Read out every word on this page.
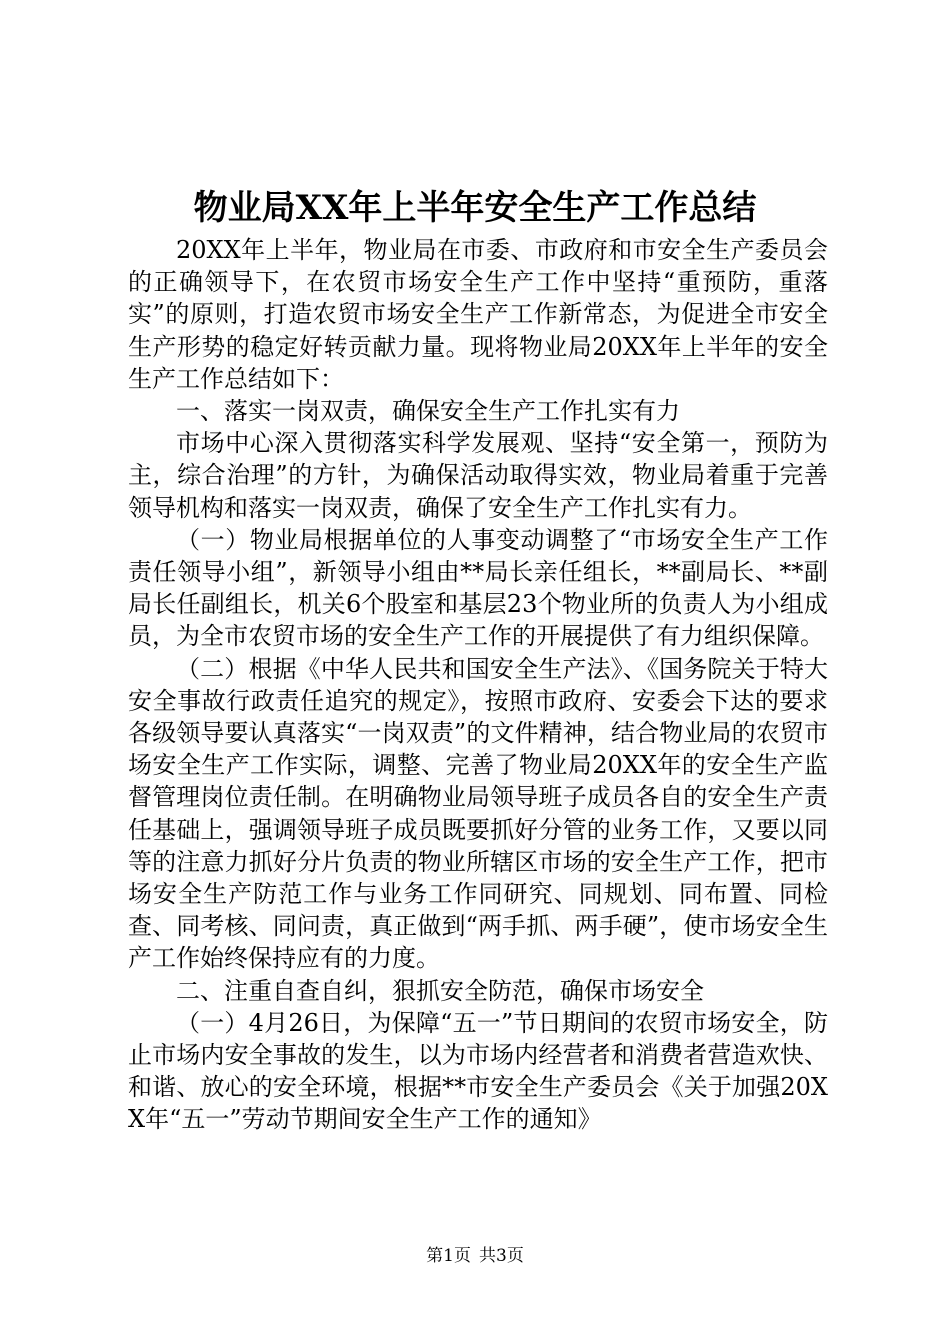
物业局XX年上半年安全生产工作总结

20XX年上半年，物业局在市委、市政府和市安全生产委员会的正确领导下，在农贸市场安全生产工作中坚持“重预防，重落实”的原则，打造农贸市场安全生产工作新常态，为促进全市安全生产形势的稳定好转贡献力量。现将物业局20XX年上半年的安全生产工作总结如下：

一、落实一岗双责，确保安全生产工作扎实有力

市场中心深入贯彻落实科学发展观、坚持“安全第一，预防为主，综合治理”的方针，为确保活动取得实效，物业局着重于完善领导机构和落实一岗双责，确保了安全生产工作扎实有力。

（一）物业局根据单位的人事变动调整了“市场安全生产工作责任领导小组”，新领导小组由**局长亲任组长，**副局长、**副局长任副组长，机关6个股室和基层23个物业所的负责人为小组成员，为全市农贸市场的安全生产工作的开展提供了有力组织保障。

（二）根据《中华人民共和国安全生产法》、《国务院关于特大安全事故行政责任追究的规定》，按照市政府、安委会下达的要求各级领导要认真落实“一岗双责”的文件精神，结合物业局的农贸市场安全生产工作实际，调整、完善了物业局20XX年的安全生产监督管理岗位责任制。在明确物业局领导班子成员各自的安全生产责任基础上，强调领导班子成员既要抓好分管的业务工作，又要以同等的注意力抓好分片负责的物业所辖区市场的安全生产工作，把市场安全生产防范工作与业务工作同研究、同规划、同布置、同检查、同考核、同问责，真正做到“两手抓、两手硬”，使市场安全生产工作始终保持应有的力度。

二、注重自查自纠，狠抓安全防范，确保市场安全

（一）4月26日，为保障“五一”节日期间的农贸市场安全，防止市场内安全事故的发生，以为市场内经营者和消费者营造欢快、和谐、放心的安全环境，根据**市安全生产委员会《关于加强20XX年“五一”劳动节期间安全生产工作的通知》

第1页 共3页
